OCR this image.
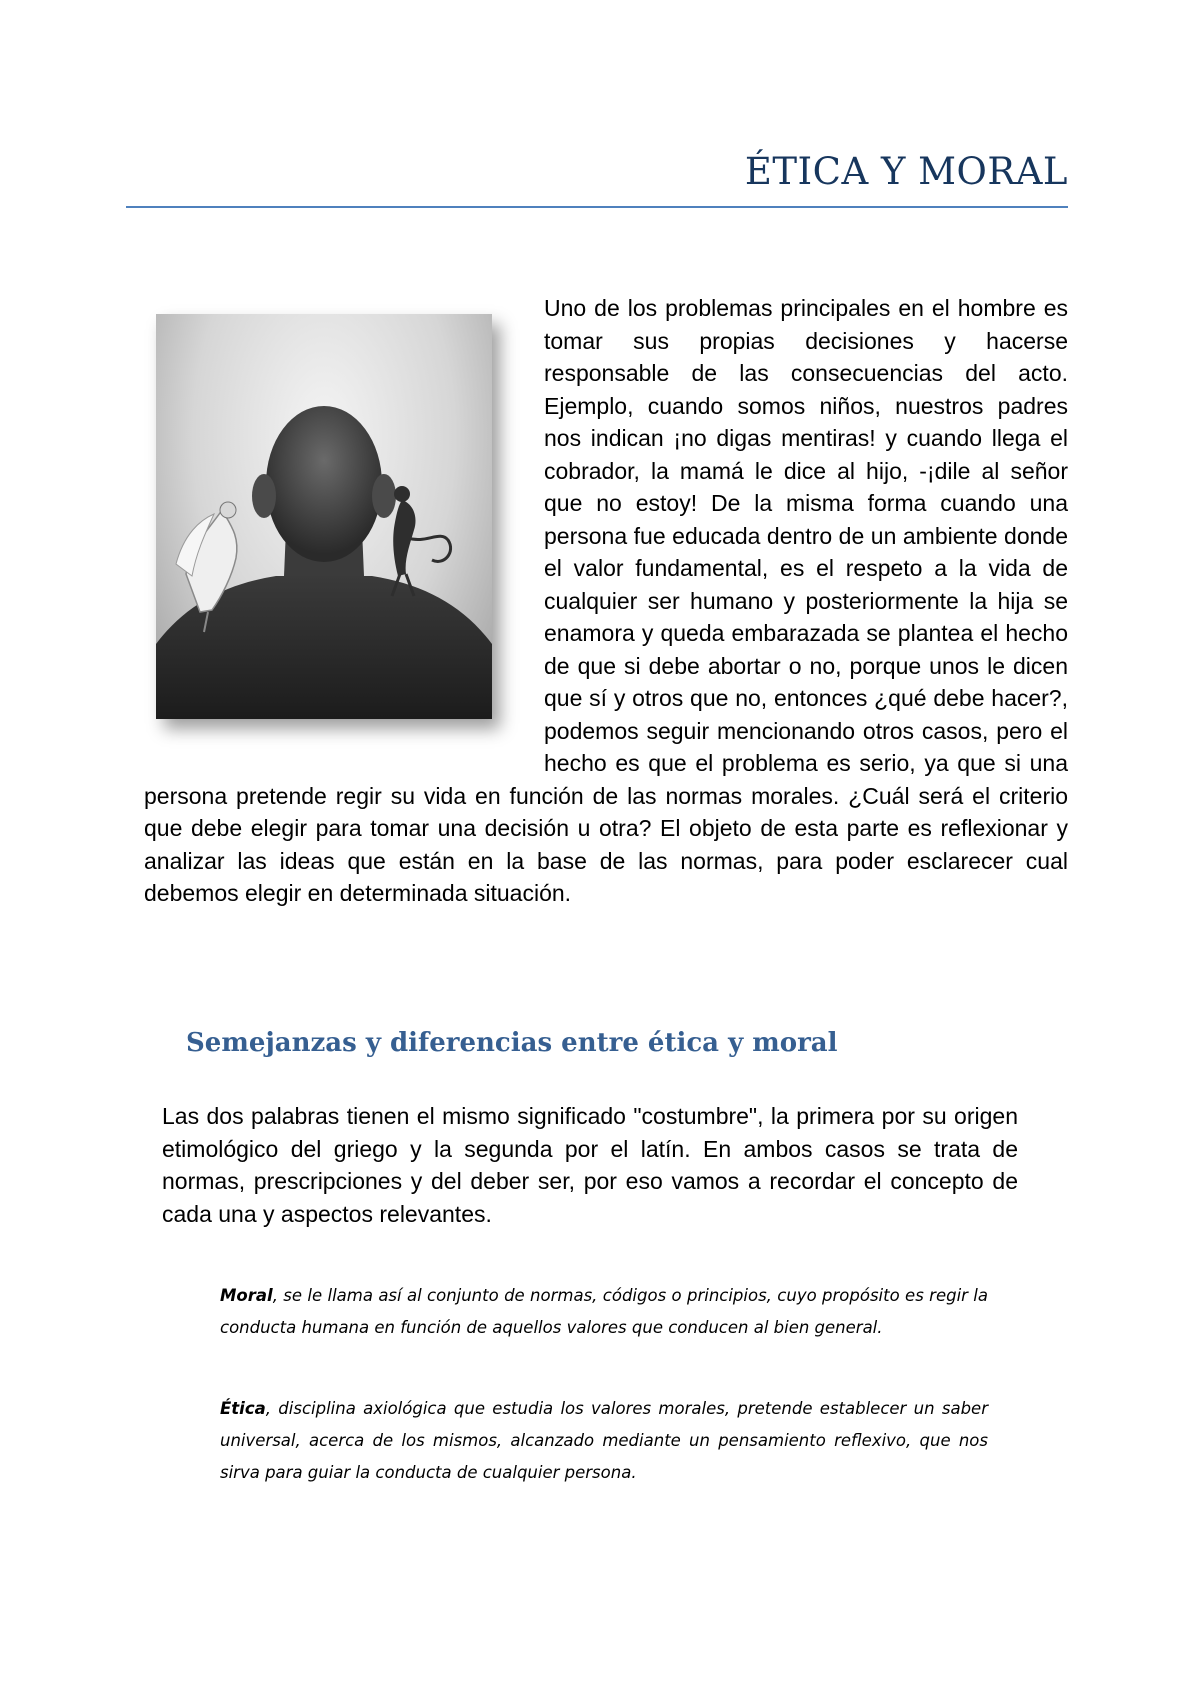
ÉTICA Y MORAL

Uno de los problemas principales en el hombre es tomar sus propias decisiones y hacerse responsable de las consecuencias del acto. Ejemplo, cuando somos niños, nuestros padres nos indican ¡no digas mentiras! y cuando llega el cobrador, la mamá le dice al hijo, -¡dile al señor que no estoy! De la misma forma cuando una persona fue educada dentro de un ambiente donde el valor fundamental, es el respeto a la vida de cualquier ser humano y posteriormente la hija se enamora y queda embarazada se plantea el hecho de que si debe abortar o no, porque unos le dicen que sí y otros que no, entonces ¿qué debe hacer?, podemos seguir mencionando otros casos, pero el hecho es que el problema es serio, ya que si una persona pretende regir su vida en función de las normas morales. ¿Cuál será el criterio que debe elegir para tomar una decisión u otra? El objeto de esta parte es reflexionar y analizar las ideas que están en la base de las normas, para poder esclarecer cual debemos elegir en determinada situación.

Semejanzas y diferencias entre ética y moral

Las dos palabras tienen el mismo significado "costumbre", la primera por su origen etimológico del griego y la segunda por el latín. En ambos casos se trata de normas, prescripciones y del deber ser, por eso vamos a recordar el concepto de cada una y aspectos relevantes.

Moral, se le llama así al conjunto de normas, códigos o principios, cuyo propósito es regir la conducta humana en función de aquellos valores que conducen al bien general.

Ética, disciplina axiológica que estudia los valores morales, pretende establecer un saber universal, acerca de los mismos, alcanzado mediante un pensamiento reflexivo, que nos sirva para guiar la conducta de cualquier persona.
